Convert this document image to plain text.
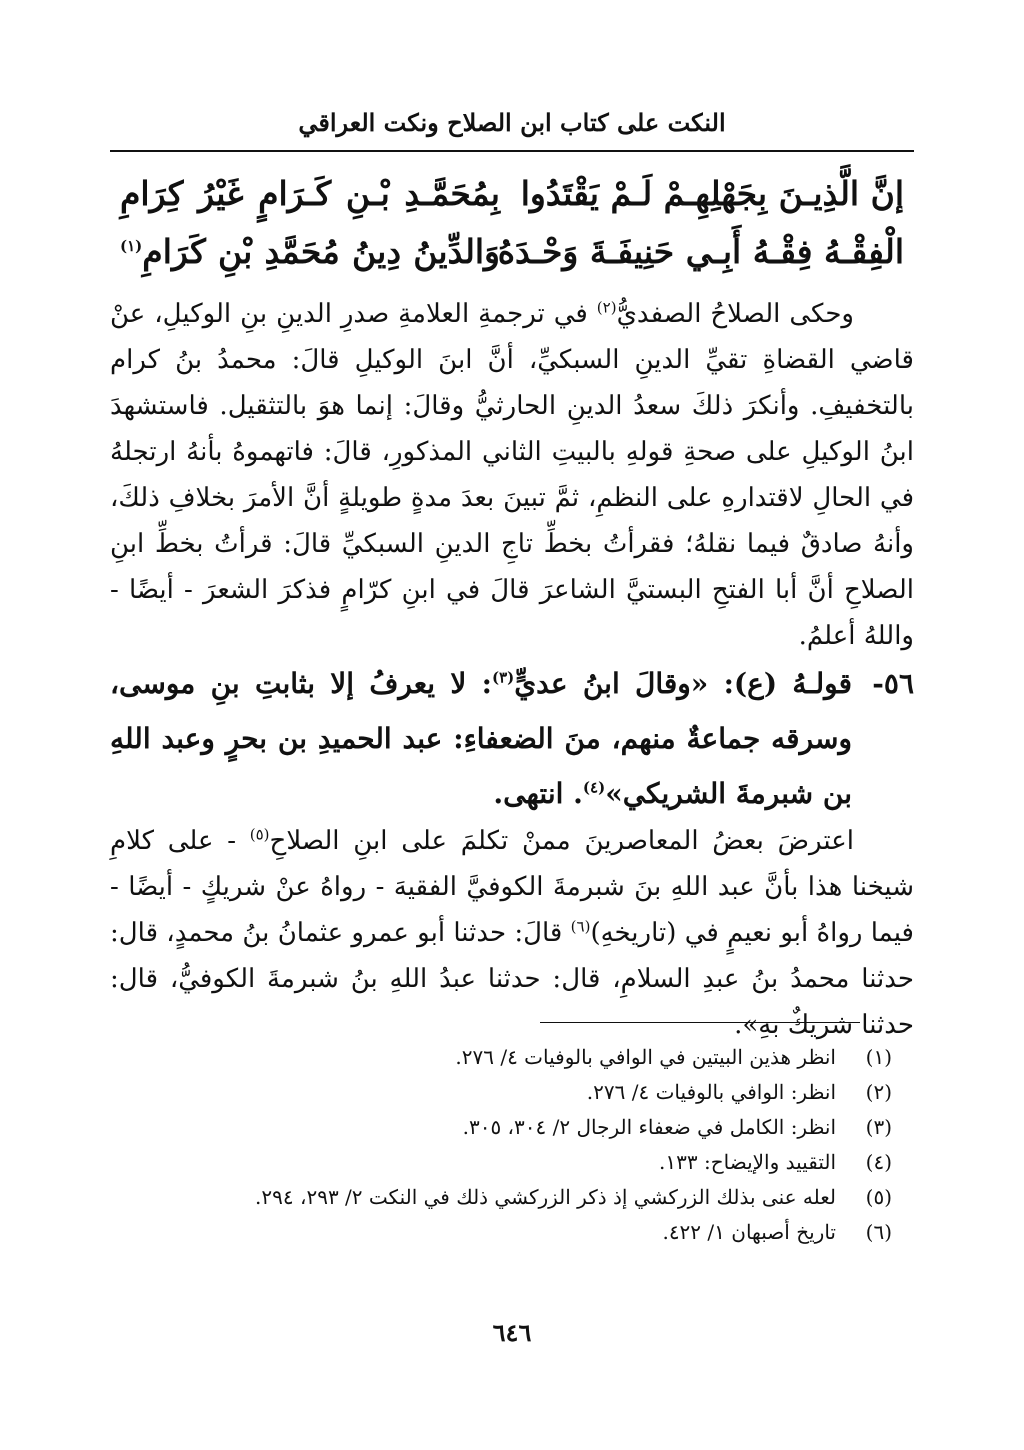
النكت على كتاب ابن الصلاح ونكت العراقي
إنَّ الَّذِيـنَ بِجَهْلِهِـمْ لَـمْ يَقْتَدُوا
بِمُحَمَّـدِ بْـنِ كَـرَامٍ غَيْرُ كِرَامِ
الْفِقْـهُ فِقْـهُ أَبِـي حَنِيفَـةَ وَحْـدَهُ
وَالدِّينُ دِينُ مُحَمَّدِ بْنِ كَرَامِ$^{(١)}$

وحكى الصلاحُ الصفديُّ$^{(٢)}$ في ترجمةِ العلامةِ صدرِ الدينِ بنِ الوكيلِ، عنْ قاضي القضاةِ تقيِّ الدينِ السبكيِّ، أنَّ ابنَ الوكيلِ قالَ: محمدُ بنُ كرام بالتخفيفِ. وأنكرَ ذلكَ سعدُ الدينِ الحارثيُّ وقالَ: إنما هوَ بالتثقيل. فاستشهدَ ابنُ الوكيلِ على صحةِ قولهِ بالبيتِ الثاني المذكورِ، قالَ: فاتهموهُ بأنهُ ارتجلهُ في الحالِ لاقتدارهِ على النظمِ، ثمَّ تبينَ بعدَ مدةٍ طويلةٍ أنَّ الأمرَ بخلافِ ذلكَ، وأنهُ صادقٌ فيما نقلهُ؛ فقرأتُ بخطِّ تاجِ الدينِ السبكيِّ قالَ: قرأتُ بخطِّ ابنِ الصلاحِ أنَّ أبا الفتحِ البستيَّ الشاعرَ قالَ في ابنِ كرّامٍ فذكرَ الشعرَ - أيضًا - واللهُ أعلمُ.

٥٦-
قولـهُ (ع): «وقالَ ابنُ عديٍّ$^{(٣)}$: لا يعرفُ إلا بثابتِ بنِ موسى، وسرقه جماعةٌ منهم، منَ الضعفاءِ: عبد الحميدِ بن بحرٍ وعبد اللهِ بن شبرمةَ الشريكي»$^{(٤)}$. انتهى.

اعترضَ بعضُ المعاصرينَ ممنْ تكلمَ على ابنِ الصلاحِ$^{(٥)}$ - على كلامِ شيخنا هذا بأنَّ عبد اللهِ بنَ شبرمةَ الكوفيَّ الفقيهَ - رواهُ عنْ شريكٍ - أيضًا - فيما رواهُ أبو نعيمٍ في (تاريخهِ)$^{(٦)}$ قالَ: حدثنا أبو عمرو عثمانُ بنُ محمدٍ، قال: حدثنا محمدُ بنُ عبدِ السلامِ، قال: حدثنا عبدُ اللهِ بنُ شبرمةَ الكوفيُّ، قال: حدثنا شريكٌ بهِ».

(١)انظر هذين البيتين في الوافي بالوفيات ٤/ ٢٧٦.
(٢)انظر: الوافي بالوفيات ٤/ ٢٧٦.
(٣)انظر: الكامل في ضعفاء الرجال ٢/ ٣٠٤، ٣٠٥.
(٤)التقييد والإيضاح: ١٣٣.
(٥)لعله عنى بذلك الزركشي إذ ذكر الزركشي ذلك في النكت ٢/ ٢٩٣، ٢٩٤.
(٦)تاريخ أصبهان ١/ ٤٢٢.
٦٤٦
